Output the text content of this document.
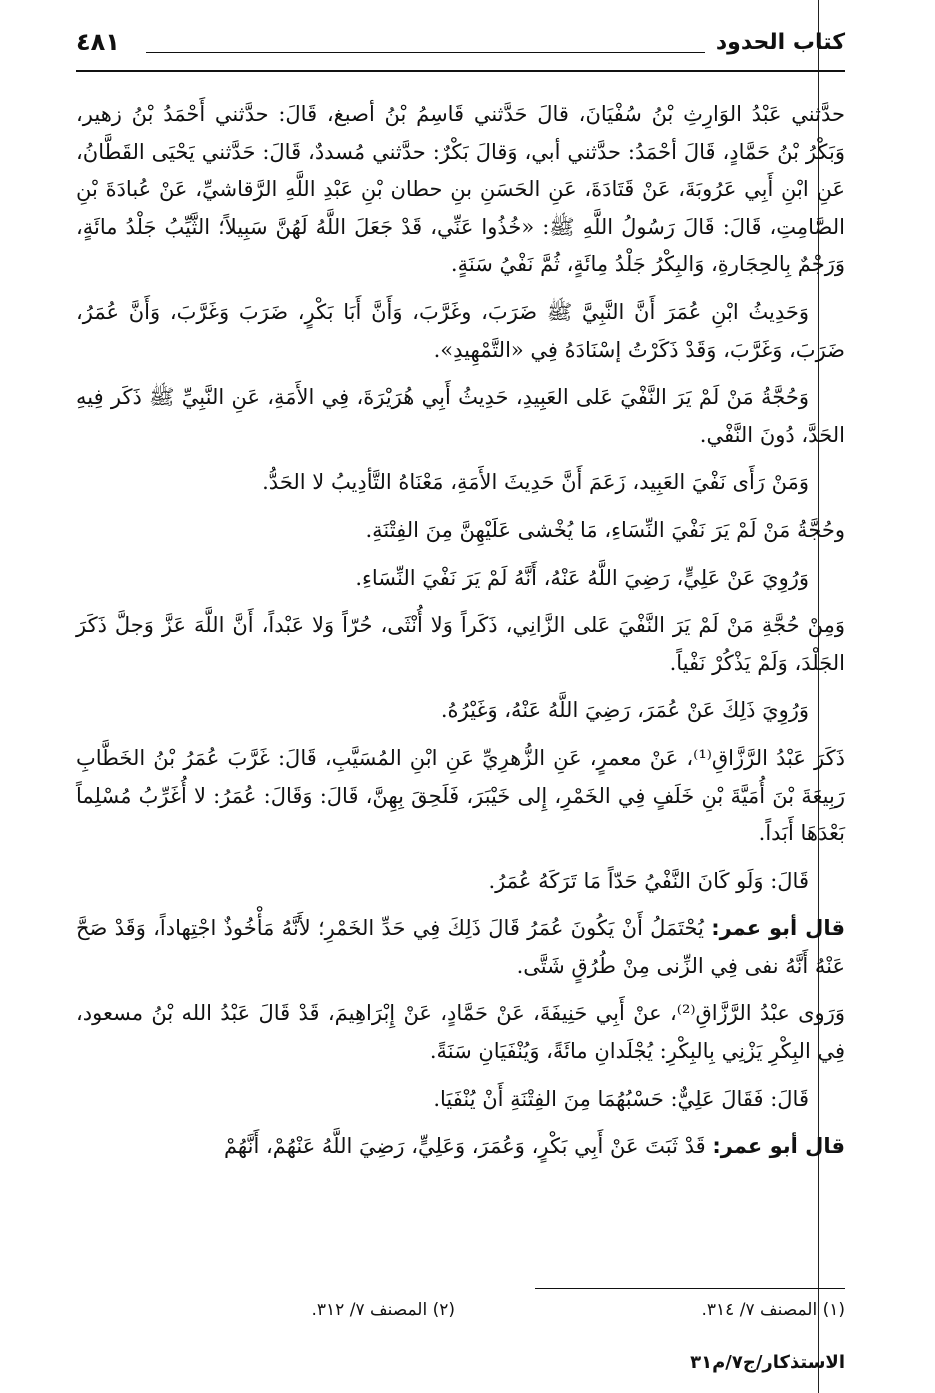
كتاب الحدود
٤٨١

حدَّثني عَبْدُ الوَارِثِ بْنُ سُفْيَانَ، قالَ حَدَّثني قَاسِمُ بْنُ أصبغ، قَالَ: حدَّثني أَحْمَدُ بْنُ زهير، وَبَكْرُ بْنُ حَمَّادٍ، قَالَ أحْمَدُ: حدَّثني أبي، وَقالَ بَكْرٌ: حدَّثني مُسددٌ، قَالَ: حَدَّثني يَحْيَى القَطَّانُ، عَنِ ابْنِ أَبِي عَرُوبَةَ، عَنْ قَتَادَةَ، عَنِ الحَسَنِ بنِ حطان بْنِ عَبْدِ اللَّهِ الرَّقاشيِّ، عَنْ عُبادَةَ بْنِ الصَّامِتِ، قَالَ: قَالَ رَسُولُ اللَّهِ ﷺ: «خُذُوا عَنِّي، قَدْ جَعَلَ اللَّهُ لَهُنَّ سَبِيلاً؛ الثَّيِّبُ جَلْدُ مائَةٍ، وَرَجْمٌ بِالحِجَارةِ، وَالبِكْرُ جَلْدُ مِائَةٍ، ثُمَّ نَفْيُ سَنَةٍ.

وَحَدِيثُ ابْنِ عُمَرَ أَنَّ النَّبِيَّ ﷺ ضَرَبَ، وغَرَّبَ، وَأَنَّ أَبَا بَكْرٍ، ضَرَبَ وَغَرَّبَ، وَأَنَّ عُمَرُ، ضَرَبَ، وَغَرَّبَ، وَقَدْ ذَكَرْتُ إسْنَادَهُ فِي «التَّمْهِيدِ».

وَحُجَّةُ مَنْ لَمْ يَرَ النَّفْيَ عَلى العَبِيدِ، حَدِيثُ أَبِي هُرَيْرَةَ، فِي الأَمَةِ، عَنِ النَّبِيِّ ﷺ ذَكَر فِيهِ الحَدَّ، دُونَ النَّفْي.

وَمَنْ رَأَى نَفْيَ العَبِيد، زَعَمَ أَنَّ حَدِيثَ الأَمَةِ، مَعْنَاهُ التَّأدِيبُ لا الحَدُّ.

وحُجَّةُ مَنْ لَمْ يَرَ نَفْيَ النِّسَاءِ، مَا يُخْشى عَلَيْهِنَّ مِنَ الفِتْنَةِ.

وَرُوِيَ عَنْ عَلِيٍّ، رَضِيَ اللَّهُ عَنْهُ، أَنَّهُ لَمْ يَرَ نَفْيَ النِّسَاءِ.

وَمِنْ حُجَّةِ مَنْ لَمْ يَرَ النَّفْيَ عَلى الزَّانِي، ذَكَراً وَلا أُنْثَى، حُرّاً وَلا عَبْداً، أَنَّ اللَّهَ عَزَّ وَجلَّ ذَكَرَ الجَلْدَ، وَلَمْ يَذْكُرْ نَفْياً.

وَرُوِيَ ذَلِكَ عَنْ عُمَرَ، رَضِيَ اللَّهُ عَنْهُ، وَغَيْرُهُ.

ذَكَرَ عَبْدُ الرَّزَّاقِ⁽¹⁾، عَنْ معمرٍ، عَنِ الزُّهرِيِّ عَنِ ابْنِ المُسَيَّبِ، قَالَ: غَرَّبَ عُمَرُ بْنُ الخَطَّابِ رَبِيعَةَ بْنَ أُمَيَّةَ بْنِ خَلَفٍ فِي الخَمْرِ، إِلى خَيْبَرَ، فَلَحِقَ بِهِنَّ، قَالَ: وَقَالَ: عُمَرُ: لا أُغَرِّبُ مُسْلِماً بَعْدَهَا أَبَداً.

قَالَ: وَلَو كَانَ النَّفْيُ حَدّاً مَا تَرَكَهُ عُمَرُ.

قال أبو عمر: يُحْتَمَلُ أَنْ يَكُونَ عُمَرُ قَالَ ذَلِكَ فِي حَدِّ الخَمْرِ؛ لأَنَّهُ مَأْخُوذٌ اجْتِهاداً، وَقَدْ صَحَّ عَنْهُ أَنَّهُ نفى فِي الزِّنى مِنْ طُرُقٍ شَتَّى.

وَرَوى عبْدُ الرَّزَّاقِ⁽²⁾، عنْ أَبِي حَنِيفَةَ، عَنْ حَمَّادٍ، عَنْ إِبْرَاهِيمَ، قَدْ قَالَ عَبْدُ الله بْنُ مسعود، فِي البِكْرِ يَزْنِي بِالبِكْرِ: يُجْلَدانِ مائَةً، وَيُنْفَيَانِ سَنَةً.

قَالَ: فَقَالَ عَلِيٌّ: حَسْبُهُمَا مِنَ الفِتْنَةِ أَنْ يُنْفَيَا.

قال أبو عمر: قَدْ ثَبَتَ عَنْ أَبِي بَكْرٍ، وَعُمَرَ، وَعَلِيٍّ، رَضِيَ اللَّهُ عَنْهُمْ، أَنَّهُمْ

(١) المصنف ٧/ ٣١٤.
(٢) المصنف ٧/ ٣١٢.
الاستذكار/ج٧/م٣١
